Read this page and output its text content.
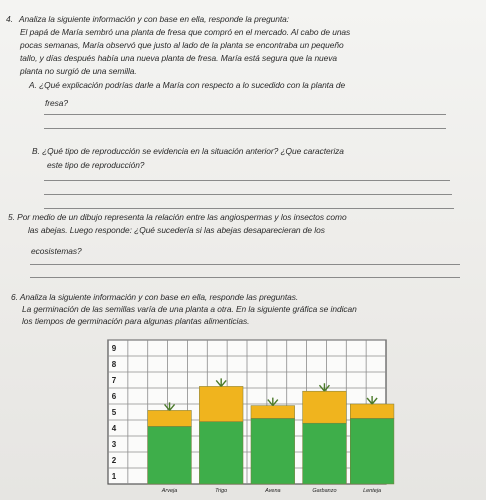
4. Analiza la siguiente información y con base en ella, responde la pregunta:
El papá de María sembró una planta de fresa que compró en el mercado. Al cabo de unas
pocas semanas, María observó que justo al lado de la planta se encontraba un pequeño
tallo, y días después había una nueva planta de fresa. María está segura que la nueva
planta no surgió de una semilla.
A. ¿Qué explicación podrías darle a María con respecto a lo sucedido con la planta de
fresa?
B. ¿Qué tipo de reproducción se evidencia en la situación anterior? ¿Que caracteriza
este tipo de reproducción?
5. Por medio de un dibujo representa la relación entre las angiospermas y los insectos como
las abejas. Luego responde: ¿Qué sucedería si las abejas desaparecieran de los
ecosistemas?
6. Analiza la siguiente información y con base en ella, responde las preguntas.
La germinación de las semillas varía de una planta a otra. En la siguiente gráfica se indican
los tiempos de germinación para algunas plantas alimenticias.
1
2
3
4
5
6
7
8
9
Arveja	Trigo	Avena	Garbanzo	Lenteja
